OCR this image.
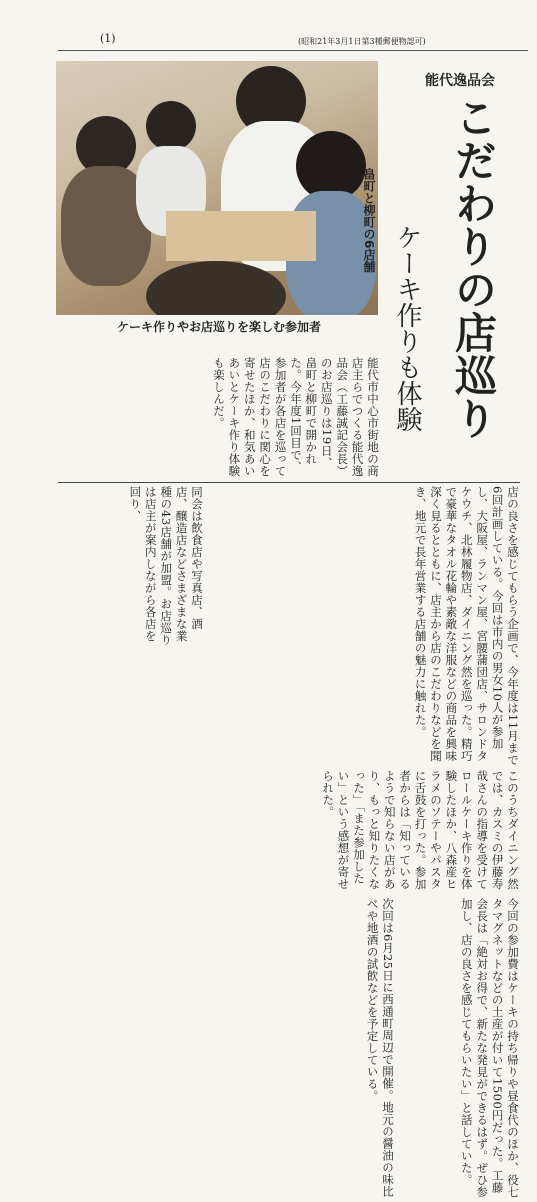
(1)	(昭和21年3月1日第3種郵便物認可)
ケーキ作りやお店巡りを楽しむ参加者
能代逸品会
こだわりの店巡り
畠町と柳町の6店舗
ケーキ作りも体験
能代市中心市街地の商店主らでつくる能代逸品会（工藤誠記会長）のお店巡りは19日、畠町と柳町で開かれた。今年度1回目で、参加者が各店を巡って店のこだわりに関心を寄せたほか、和気あいあいとケーキ作り体験も楽しんだ。
同会は飲食店や写真店、酒店、醸造店などさまざまな業種の43店舗が加盟。お店巡りは店主が案内しながら各店を回り、	店の良さを感じてもらう企画で、今年度は11月まで6回計画している。今回は市内の男女10人が参加し、大阪屋、ランマン屋、宮腰蒲団店、サロンドタケウチ、北林履物店、ダイニング然を巡った。精巧で豪華なタオル花輪や素敵な洋服などの商品を興味深く見るとともに、店主から店のこだわりなどを聞き、地元で長年営業する店舗の魅力に触れた。
このうちダイニング然では、カスミの伊藤寿哉さんの指導を受けてロールケーキ作りを体験したほか、八森産ヒラメのソテーやパスタに舌鼓を打った。参加者からは「知っているようで知らない店があり、もっと知りたくなった」「また参加したい」という感想が寄せられた。
今回の参加費はケーキの持ち帰りや昼食代のほか、役七タマグネットなどの土産が付いて1500円だった。工藤会長は「絶対お得で、新たな発見ができるはず。ぜひ参加し、店の良さを感じてもらいたい」と話していた。
次回は6月25日に西通町周辺で開催。地元の醤油の味比べや地酒の試飲などを予定している。
